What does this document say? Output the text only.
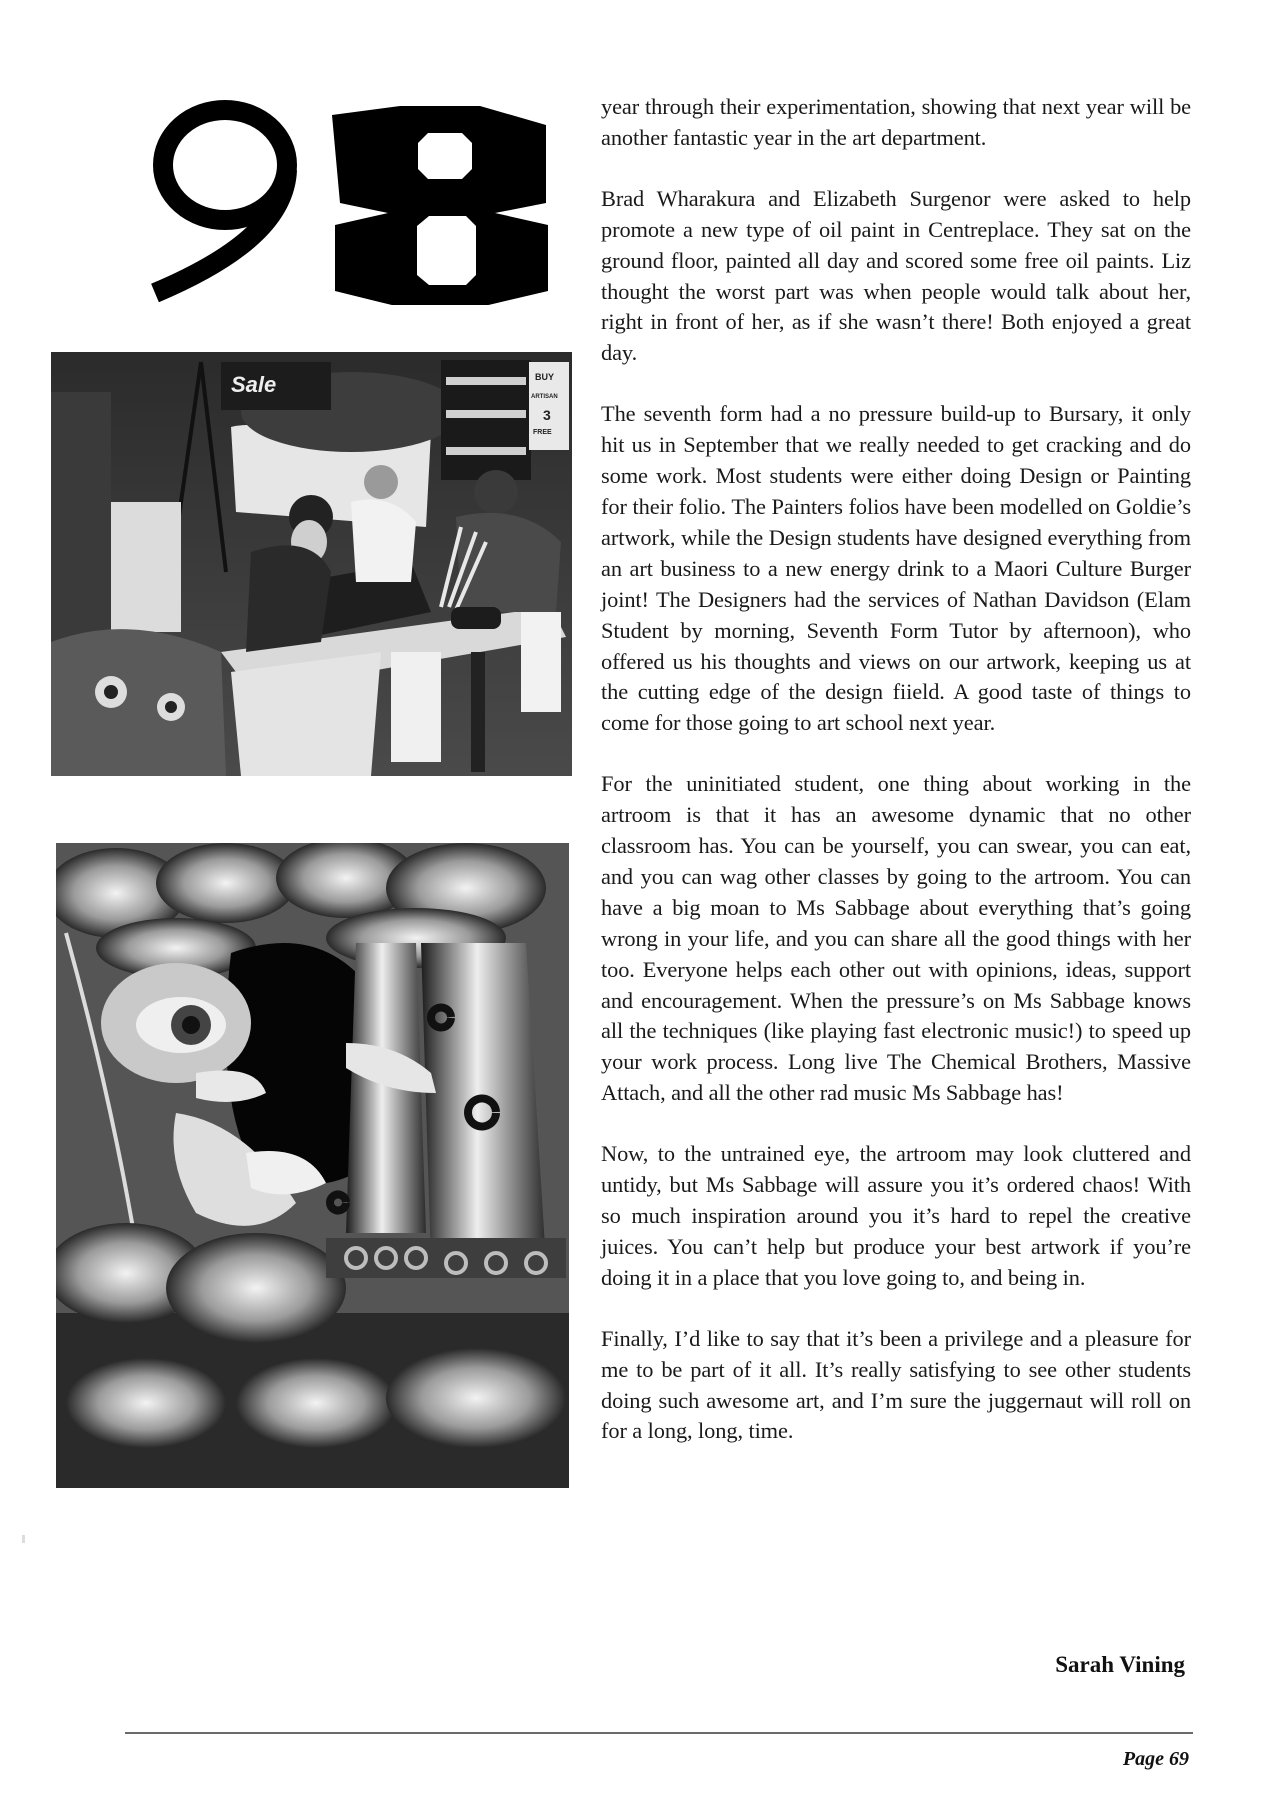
Sale	BUY
ARTISAN
3
FREE

year through their experimentation, showing that next year will be another fantastic year in the art department.

Brad Wharakura and Elizabeth Surgenor were asked to help promote a new type of oil paint in Centreplace. They sat on the ground floor, painted all day and scored some free oil paints. Liz thought the worst part was when people would talk about her, right in front of her, as if she wasn’t there! Both enjoyed a great day.

The seventh form had a no pressure build-up to Bursary, it only hit us in September that we really needed to get cracking and do some work. Most students were either doing Design or Painting for their folio. The Painters folios have been modelled on Goldie’s artwork, while the Design students have designed everything from an art business to a new energy drink to a Maori Culture Burger joint! The Designers had the services of Nathan Davidson (Elam Student by morning, Seventh Form Tutor by afternoon), who offered us his thoughts and views on our artwork, keeping us at the cutting edge of the design fiield. A good taste of things to come for those going to art school next year.

For the uninitiated student, one thing about working in the artroom is that it has an awesome dynamic that no other classroom has. You can be yourself, you can swear, you can eat, and you can wag other classes by going to the artroom. You can have a big moan to Ms Sabbage about everything that’s going wrong in your life, and you can share all the good things with her too. Everyone helps each other out with opinions, ideas, support and encouragement. When the pressure’s on Ms Sabbage knows all the techniques (like playing fast electronic music!) to speed up your work process. Long live The Chemical Brothers, Massive Attach, and all the other rad music Ms Sabbage has!

Now, to the untrained eye, the artroom may look cluttered and untidy, but Ms Sabbage will assure you it’s ordered chaos! With so much inspiration around you it’s hard to repel the creative juices. You can’t help but produce your best artwork if you’re doing it in a place that you love going to, and being in.

Finally, I’d like to say that it’s been a privilege and a pleasure for me to be part of it all. It’s really satisfying to see other students doing such awesome art, and I’m sure the juggernaut will roll on for a long, long, time.

Sarah Vining
Page 69
